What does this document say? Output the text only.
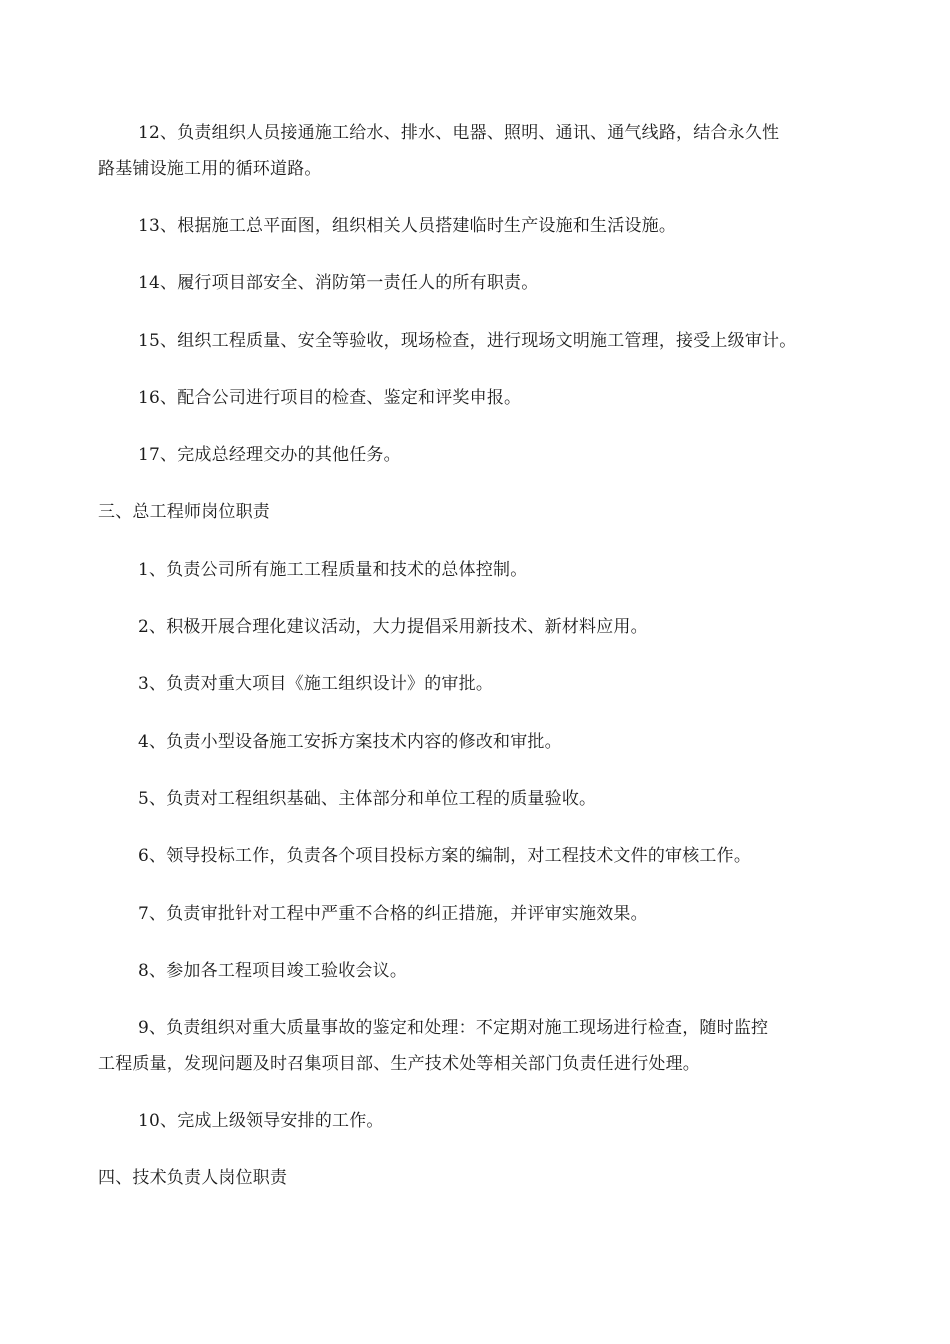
12、负责组织人员接通施工给水、排水、电器、照明、通讯、通气线路，结合永久性
路基铺设施工用的循环道路。
13、根据施工总平面图，组织相关人员搭建临时生产设施和生活设施。
14、履行项目部安全、消防第一责任人的所有职责。
15、组织工程质量、安全等验收，现场检查，进行现场文明施工管理，接受上级审计。
16、配合公司进行项目的检查、鉴定和评奖申报。
17、完成总经理交办的其他任务。
三、总工程师岗位职责
1、负责公司所有施工工程质量和技术的总体控制。
2、积极开展合理化建议活动，大力提倡采用新技术、新材料应用。
3、负责对重大项目《施工组织设计》的审批。
4、负责小型设备施工安拆方案技术内容的修改和审批。
5、负责对工程组织基础、主体部分和单位工程的质量验收。
6、领导投标工作，负责各个项目投标方案的编制，对工程技术文件的审核工作。
7、负责审批针对工程中严重不合格的纠正措施，并评审实施效果。
8、参加各工程项目竣工验收会议。
9、负责组织对重大质量事故的鉴定和处理：不定期对施工现场进行检查，随时监控
工程质量，发现问题及时召集项目部、生产技术处等相关部门负责任进行处理。
10、完成上级领导安排的工作。
四、技术负责人岗位职责
